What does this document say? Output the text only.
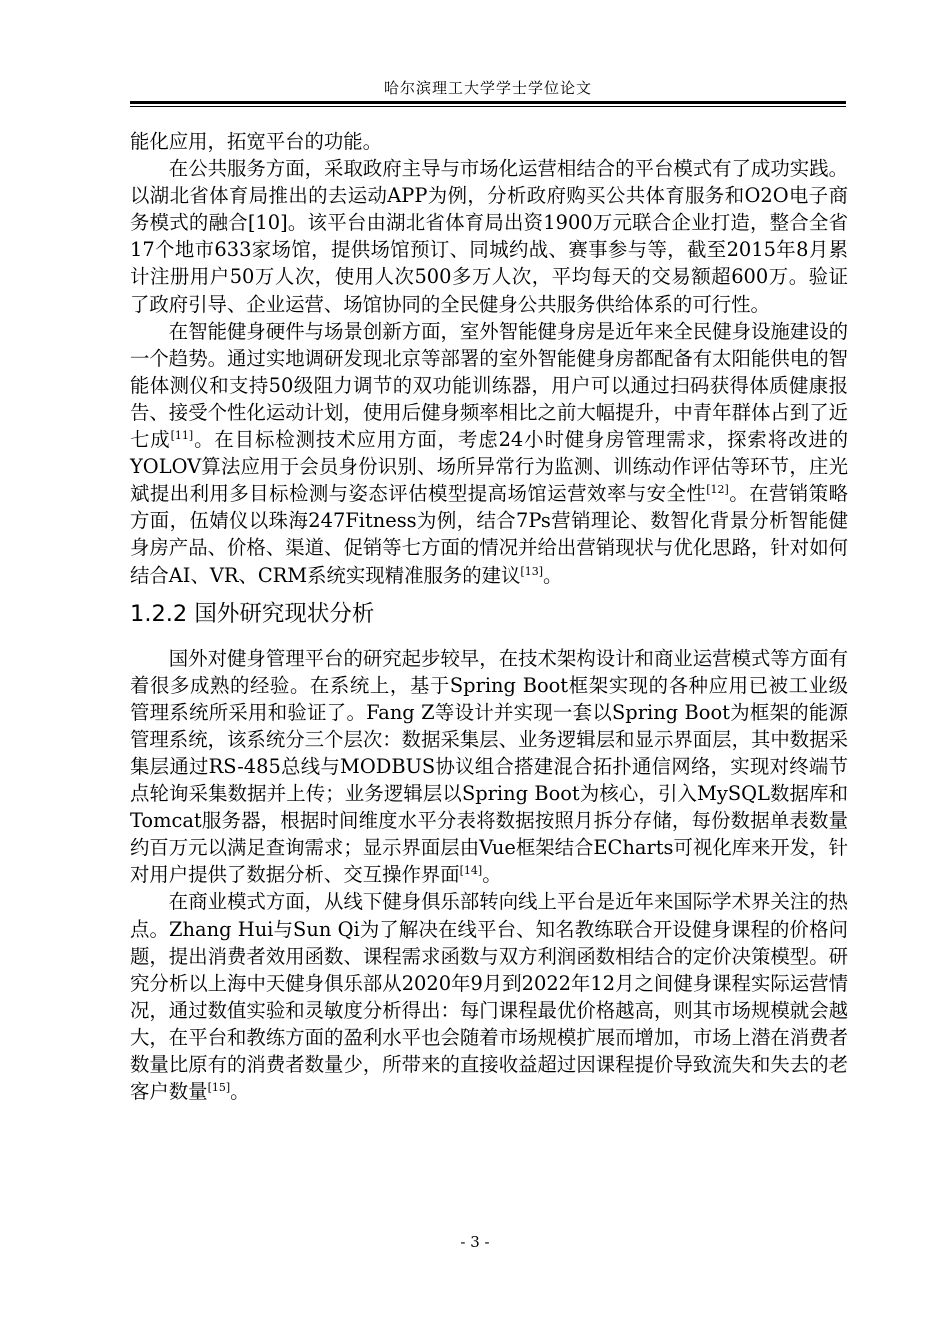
哈尔滨理工大学学士学位论文

能化应用，拓宽平台的功能。

在公共服务方面，采取政府主导与市场化运营相结合的平台模式有了成功实践。以湖北省体育局推出的去运动APP为例，分析政府购买公共体育服务和O2O电子商务模式的融合[10]。该平台由湖北省体育局出资1900万元联合企业打造，整合全省17个地市633家场馆，提供场馆预订、同城约战、赛事参与等，截至2015年8月累计注册用户50万人次，使用人次500多万人次，平均每天的交易额超600万。验证了政府引导、企业运营、场馆协同的全民健身公共服务供给体系的可行性。

在智能健身硬件与场景创新方面，室外智能健身房是近年来全民健身设施建设的一个趋势。通过实地调研发现北京等部署的室外智能健身房都配备有太阳能供电的智能体测仪和支持50级阻力调节的双功能训练器，用户可以通过扫码获得体质健康报告、接受个性化运动计划，使用后健身频率相比之前大幅提升，中青年群体占到了近七成[11]。在目标检测技术应用方面，考虑24小时健身房管理需求，探索将改进的YOLOV算法应用于会员身份识别、场所异常行为监测、训练动作评估等环节，庄光斌提出利用多目标检测与姿态评估模型提高场馆运营效率与安全性[12]。在营销策略方面，伍婧仪以珠海247Fitness为例，结合7Ps营销理论、数智化背景分析智能健身房产品、价格、渠道、促销等七方面的情况并给出营销现状与优化思路，针对如何结合AI、VR、CRM系统实现精准服务的建议[13]。

1.2.2 国外研究现状分析

国外对健身管理平台的研究起步较早，在技术架构设计和商业运营模式等方面有着很多成熟的经验。在系统上，基于Spring Boot框架实现的各种应用已被工业级管理系统所采用和验证了。Fang Z等设计并实现一套以Spring Boot为框架的能源管理系统，该系统分三个层次：数据采集层、业务逻辑层和显示界面层，其中数据采集层通过RS-485总线与MODBUS协议组合搭建混合拓扑通信网络，实现对终端节点轮询采集数据并上传；业务逻辑层以Spring Boot为核心，引入MySQL数据库和Tomcat服务器，根据时间维度水平分表将数据按照月拆分存储，每份数据单表数量约百万元以满足查询需求；显示界面层由Vue框架结合ECharts可视化库来开发，针对用户提供了数据分析、交互操作界面[14]。

在商业模式方面，从线下健身俱乐部转向线上平台是近年来国际学术界关注的热点。Zhang Hui与Sun Qi为了解决在线平台、知名教练联合开设健身课程的价格问题，提出消费者效用函数、课程需求函数与双方利润函数相结合的定价决策模型。研究分析以上海中天健身俱乐部从2020年9月到2022年12月之间健身课程实际运营情况，通过数值实验和灵敏度分析得出：每门课程最优价格越高，则其市场规模就会越大，在平台和教练方面的盈利水平也会随着市场规模扩展而增加，市场上潜在消费者数量比原有的消费者数量少，所带来的直接收益超过因课程提价导致流失和失去的老客户数量[15]。

- 3 -
